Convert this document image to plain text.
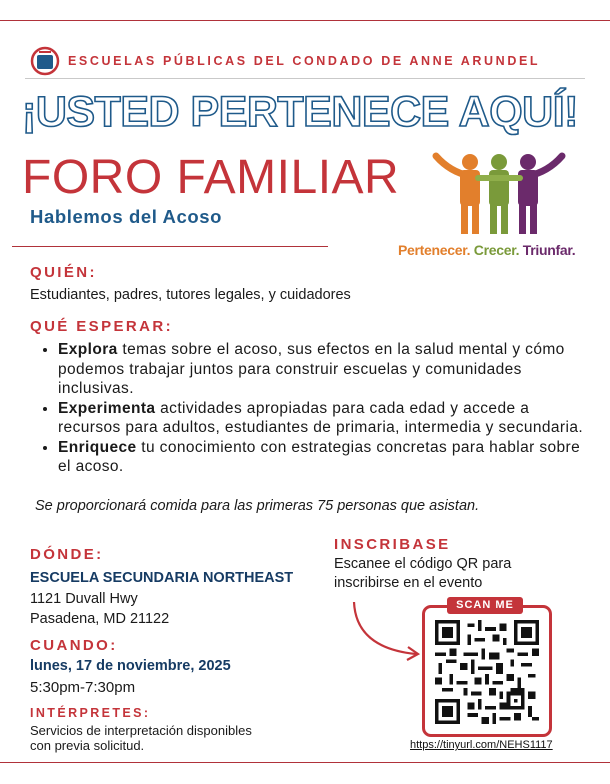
ESCUELAS PÚBLICAS DEL CONDADO DE ANNE ARUNDEL
¡USTED PERTENECE AQUÍ!
FORO FAMILIAR
Hablemos del Acoso
Pertenecer. Crecer. Triunfar.
QUIÉN:
Estudiantes, padres, tutores legales, y cuidadores
QUÉ ESPERAR:
• Explora temas sobre el acoso, sus efectos en la salud mental y cómo podemos trabajar juntos para construir escuelas y comunidades inclusivas.
• Experimenta actividades apropiadas para cada edad y accede a recursos para adultos, estudiantes de primaria, intermedia y secundaria.
• Enriquece tu conocimiento con estrategias concretas para hablar sobre el acoso.
Se proporcionará comida para las primeras 75 personas que asistan.
DÓNDE:
ESCUELA SECUNDARIA NORTHEAST
1121 Duvall Hwy
Pasadena, MD 21122
CUANDO:
lunes, 17 de noviembre, 2025
5:30pm-7:30pm
INTÉRPRETES:
Servicios de interpretación disponibles
con previa solicitud.
INSCRIBASE
Escanee el código QR para
inscribirse en el evento
SCAN ME
https://tinyurl.com/NEHS1117
